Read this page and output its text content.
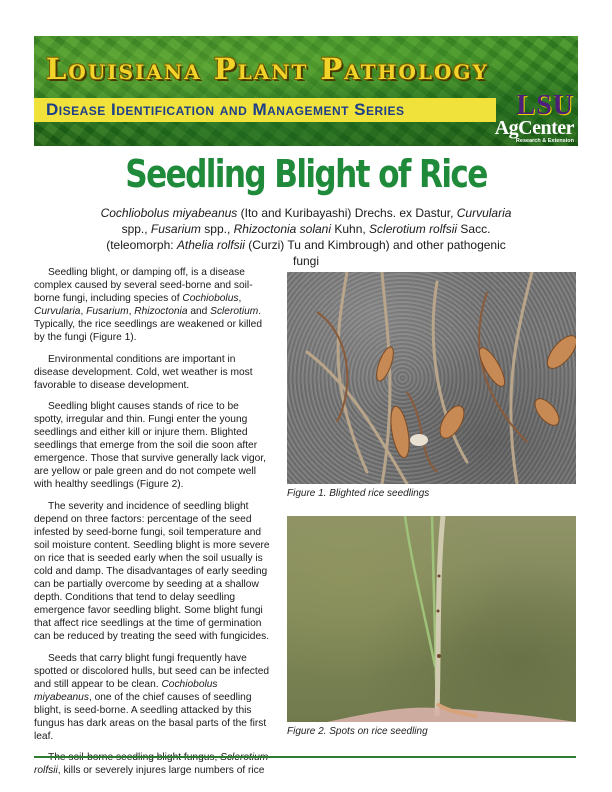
Louisiana Plant Pathology
Disease Identification and Management Series	LSU
AgCenter
Research & Extension
Seedling Blight of Rice

Cochliobolus miyabeanus (Ito and Kuribayashi) Drechs. ex Dastur, Curvularia spp., Fusarium spp., Rhizoctonia solani Kuhn, Sclerotium rolfsii Sacc. (teleomorph: Athelia rolfsii (Curzi) Tu and Kimbrough) and other pathogenic fungi

Seedling blight, or damping off, is a disease complex caused by several seed-borne and soil-borne fungi, including species of Cochiobolus, Curvularia, Fusarium, Rhizoctonia and Sclerotium. Typically, the rice seedlings are weakened or killed by the fungi (Figure 1).

Environmental conditions are important in disease development. Cold, wet weather is most favorable to disease development.

Seedling blight causes stands of rice to be spotty, irregular and thin. Fungi enter the young seedlings and either kill or injure them. Blighted seedlings that emerge from the soil die soon after emergence. Those that survive generally lack vigor, are yellow or pale green and do not compete well with healthy seedlings (Figure 2).

The severity and incidence of seedling blight depend on three factors: percentage of the seed infested by seed-borne fungi, soil temperature and soil moisture content. Seedling blight is more severe on rice that is seeded early when the soil usually is cold and damp. The disadvantages of early seeding can be partially overcome by seeding at a shallow depth. Conditions that tend to delay seedling emergence favor seedling blight. Some blight fungi that affect rice seedlings at the time of germination can be reduced by treating the seed with fungicides.

Seeds that carry blight fungi frequently have spotted or discolored hulls, but seed can be infected and still appear to be clean. Cochiobolus miyabeanus, one of the chief causes of seedling blight, is seed-borne. A seedling attacked by this fungus has dark areas on the basal parts of the first leaf.

rolfsii, kills or severely injures large numbers of rice

Figure 1. Blighted rice seedlings
Figure 2. Spots on rice seedling
